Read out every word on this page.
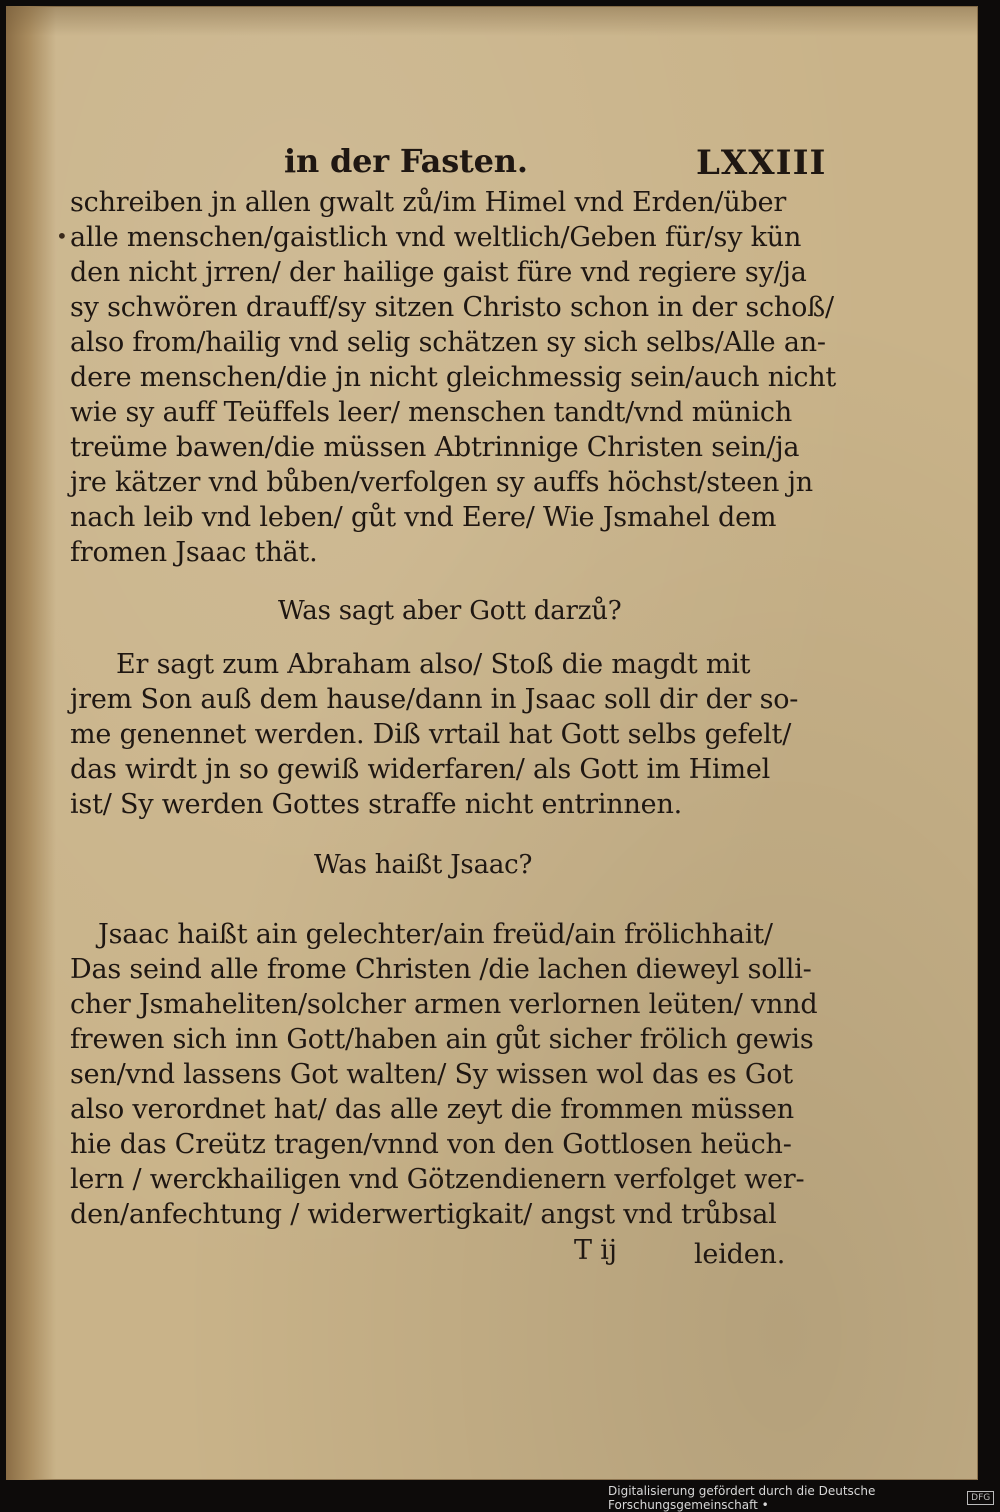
in der Fasten.	LXXIII
•
schreiben jn allen gwalt zů/im Himel vnd Erden/über
alle menschen/gaistlich vnd weltlich/Geben für/sy kün
den nicht jrren/ der hailige gaist füre vnd regiere sy/ja
sy schwören drauff/sy sitzen Christo schon in der schoß/
also from/hailig vnd selig schätzen sy sich selbs/Alle an-
dere menschen/die jn nicht gleichmessig sein/auch nicht
wie sy auff Teüffels leer/ menschen tandt/vnd münich
treüme bawen/die müssen Abtrinnige Christen sein/ja
jre kätzer vnd bůben/verfolgen sy auffs höchst/steen jn
nach leib vnd leben/ gůt vnd Eere/ Wie Jsmahel dem
fromen Jsaac thät.
Was sagt aber Gott darzů?
Er sagt zum Abraham also/ Stoß die magdt mit
jrem Son auß dem hause/dann in Jsaac soll dir der so-
me genennet werden. Diß vrtail hat Gott selbs gefelt/
das wirdt jn so gewiß widerfaren/ als Gott im Himel
ist/ Sy werden Gottes straffe nicht entrinnen.
Was haißt Jsaac?
Jsaac haißt ain gelechter/ain freüd/ain frölichhait/
Das seind alle frome Christen /die lachen dieweyl solli-
cher Jsmaheliten/solcher armen verlornen leüten/ vnnd
frewen sich inn Gott/haben ain gůt sicher frölich gewis
sen/vnd lassens Got walten/ Sy wissen wol das es Got
also verordnet hat/ das alle zeyt die frommen müssen
hie das Creütz tragen/vnnd von den Gottlosen heüch-
lern / werckhailigen vnd Götzendienern verfolget wer-
den/anfechtung / widerwertigkait/ angst vnd trůbsal
T ij	leiden.
Digitalisierung gefördert durch die Deutsche Forschungsgemeinschaft •	DFG
